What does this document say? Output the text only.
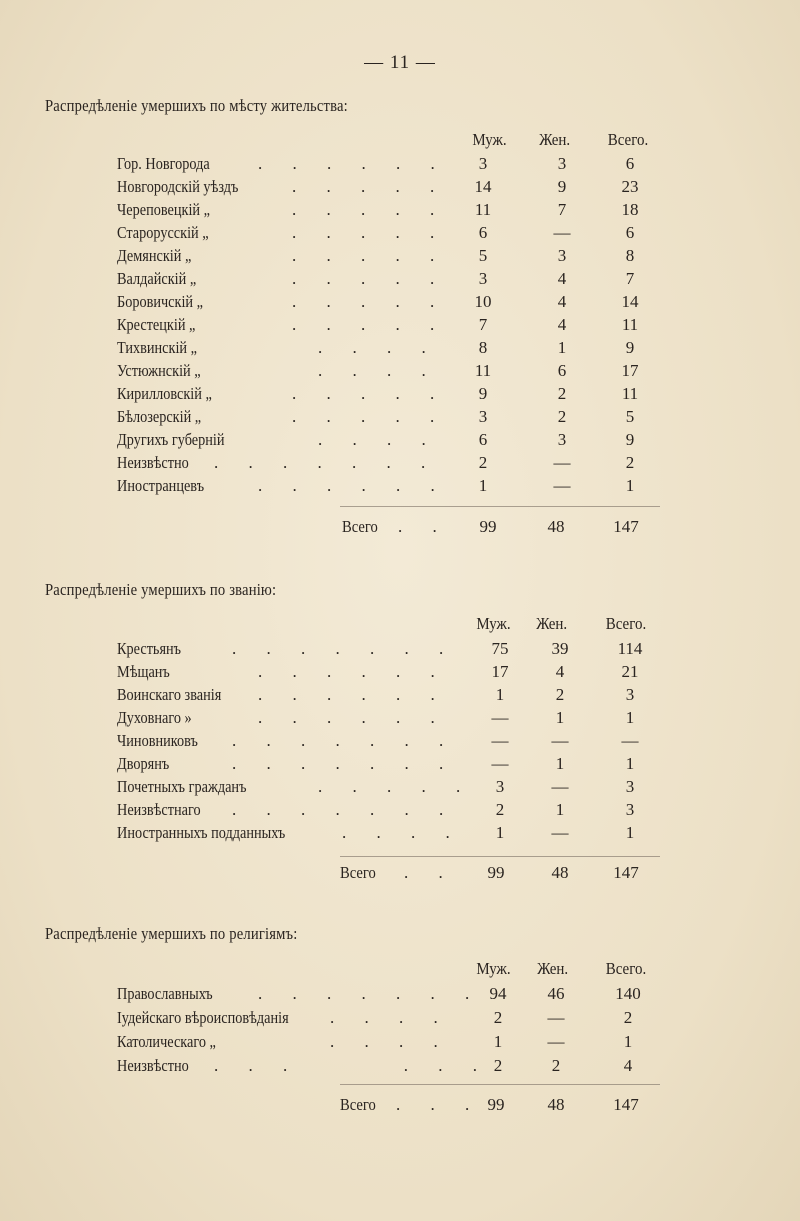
— 11 —
Распредѣленіе умершихъ по мѣсту жительства:
Муж. Жен. Всего.
Гор. Новгорода	. . . . . .	3	3	6
Новгородскій уѣздъ	. . . . .	14	9	23
Череповецкій „	. . . . .	11	7	18
Старорусскій „	. . . . .	6	—	6
Демянскій „	. . . . .	5	3	8
Валдайскій „	. . . . .	3	4	7
Боровичскій „	. . . . .	10	4	14
Крестецкій „	. . . . .	7	4	11
Тихвинскій „	. . . .	8	1	9
Устюжнскій „	. . . .	11	6	17
Кирилловскій „	. . . . .	9	2	11
Бѣлозерскій „	. . . . .	3	2	5
Другихъ губерній	. . . .	6	3	9
Неизвѣстно . . . . . . .	2	—	2
Иностранцевъ	. . . . . .	1	—	1
Всего . .	99	48	147
Распредѣленіе умершихъ по званію:
Муж. Жен. Всего.
Крестьянъ	. . . . . . .	75	39	114
Мѣщанъ	. . . . . .	17	4	21
Воинскаго званія . . . . . .	1	2	3
Духовнаго »	. . . . . .	—	1	1
Чиновниковъ . . . . . . .	—	—	—
Дворянъ	. . . . . . .	—	1	1
Почетныхъ гражданъ	. . . . .	3	—	3
Неизвѣстнаго . . . . . . .	2	1	3
Иностранныхъ подданныхъ	. . . .	1	—	1
Всего . .	99	48	147
Распредѣленіе умершихъ по религіямъ:
Муж. Жен. Всего.
Православныхъ	. . . . . . . 94	46	140
Іудейскаго вѣроисповѣданія . . . .	2	—	2
Католическаго „	. . . .	1	—	1
Неизвѣстно . . .      . . . 2	2	4
Всего . . . 99	48	147
